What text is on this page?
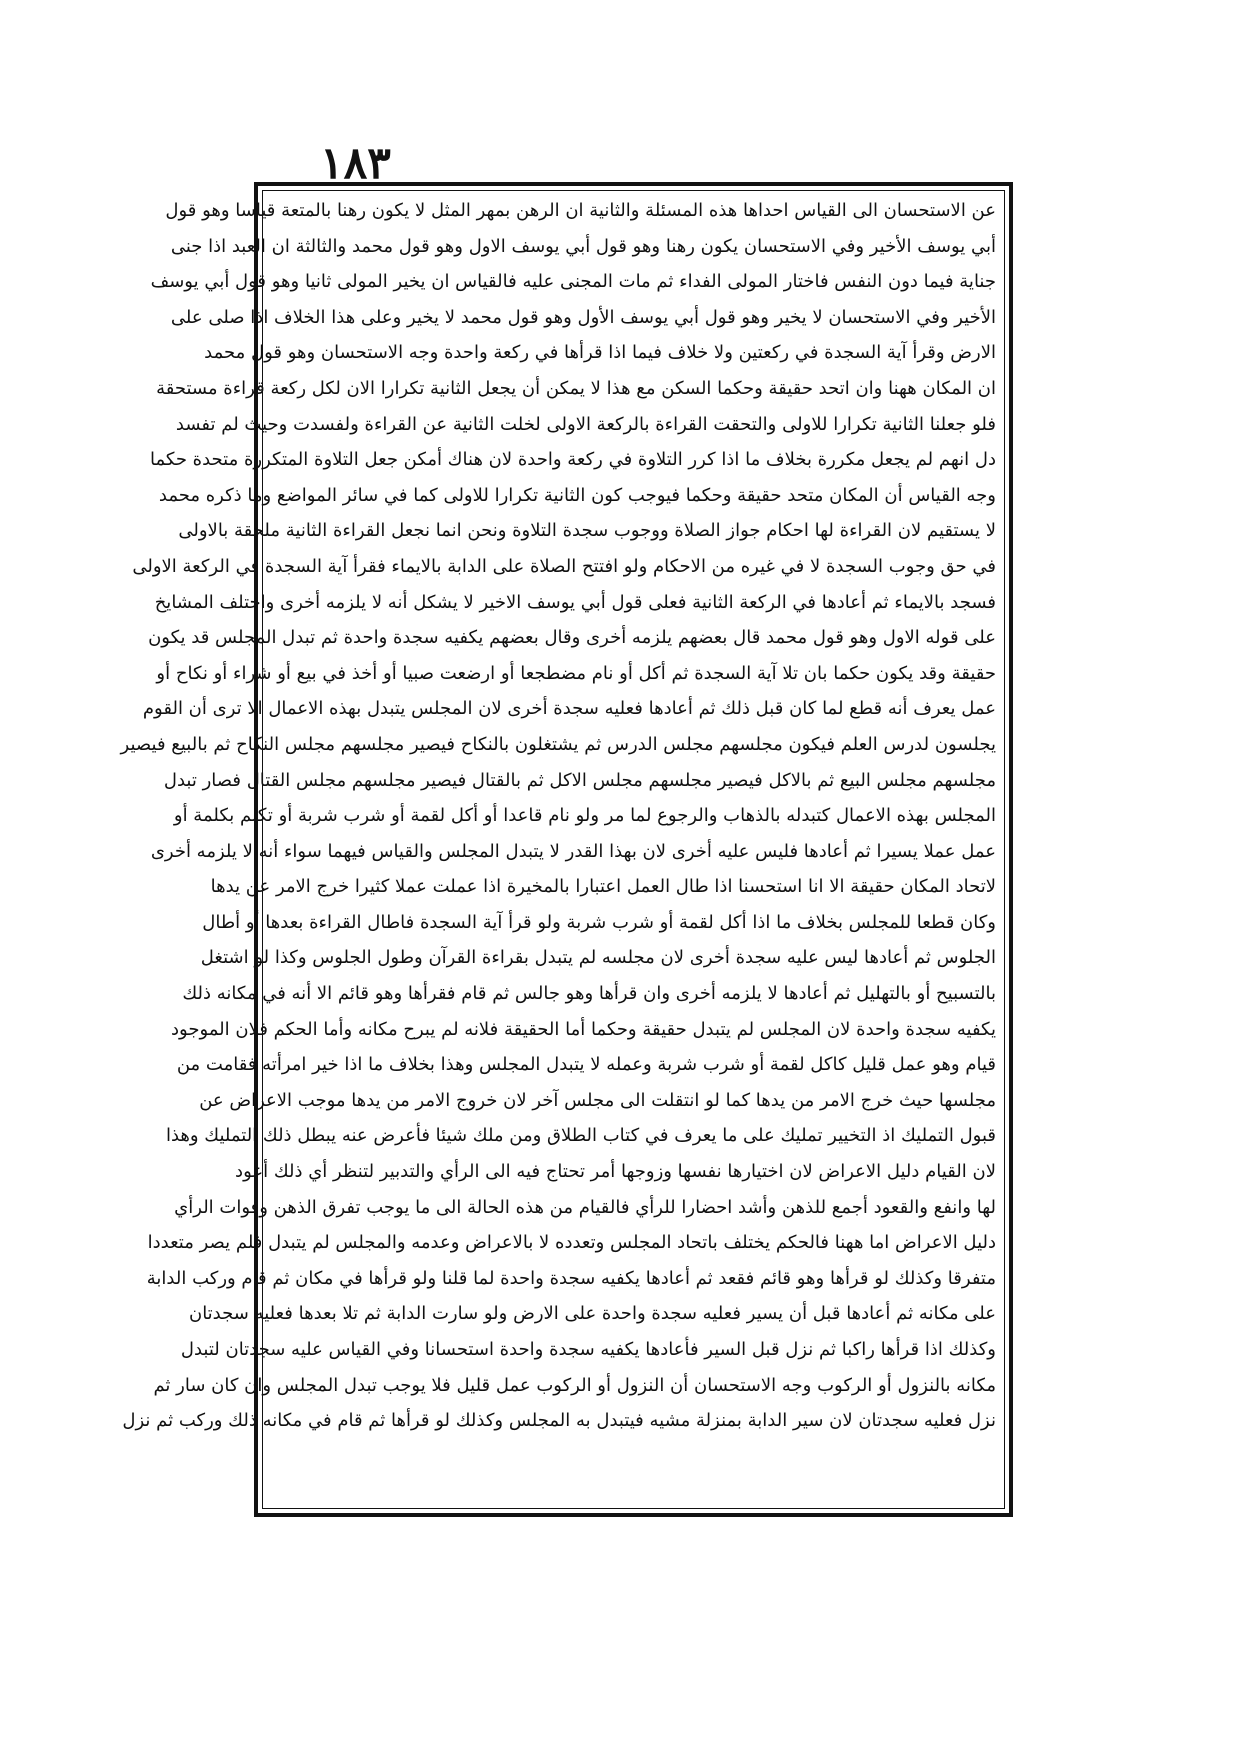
١٨٣
عن الاستحسان الى القياس احداها هذه المسئلة والثانية ان الرهن بمهر المثل لا يكون رهنا بالمتعة قياسا وهو قول
أبي يوسف الأخير وفي الاستحسان يكون رهنا وهو قول أبي يوسف الاول وهو قول محمد والثالثة ان العبد اذا جنى
جناية فيما دون النفس فاختار المولى الفداء ثم مات المجنى عليه فالقياس ان يخير المولى ثانيا وهو قول أبي يوسف
الأخير وفي الاستحسان لا يخير وهو قول أبي يوسف الأول وهو قول محمد لا يخير وعلى هذا الخلاف اذا صلى على
الارض وقرأ آية السجدة في ركعتين ولا خلاف فيما اذا قرأها في ركعة واحدة وجه الاستحسان وهو قول محمد
ان المكان ههنا وان اتحد حقيقة وحكما السكن مع هذا لا يمكن أن يجعل الثانية تكرارا الان لكل ركعة قراءة مستحقة
فلو جعلنا الثانية تكرارا للاولى والتحقت القراءة بالركعة الاولى لخلت الثانية عن القراءة ولفسدت وحيث لم تفسد
دل انهم لم يجعل مكررة بخلاف ما اذا كرر التلاوة في ركعة واحدة لان هناك أمكن جعل التلاوة المتكررة متحدة حكما
وجه القياس أن المكان متحد حقيقة وحكما فيوجب كون الثانية تكرارا للاولى كما في سائر المواضع وما ذكره محمد
لا يستقيم لان القراءة لها احكام جواز الصلاة ووجوب سجدة التلاوة ونحن انما نجعل القراءة الثانية ملحقة بالاولى
في حق وجوب السجدة لا في غيره من الاحكام ولو افتتح الصلاة على الدابة بالايماء فقرأ آية السجدة في الركعة الاولى
فسجد بالايماء ثم أعادها في الركعة الثانية فعلى قول أبي يوسف الاخير لا يشكل أنه لا يلزمه أخرى واختلف المشايخ
على قوله الاول وهو قول محمد قال بعضهم يلزمه أخرى وقال بعضهم يكفيه سجدة واحدة ثم تبدل المجلس قد يكون
حقيقة وقد يكون حكما بان تلا آية السجدة ثم أكل أو نام مضطجعا أو ارضعت صبيا أو أخذ في بيع أو شراء أو نكاح أو
عمل يعرف أنه قطع لما كان قبل ذلك ثم أعادها فعليه سجدة أخرى لان المجلس يتبدل بهذه الاعمال الا ترى أن القوم
يجلسون لدرس العلم فيكون مجلسهم مجلس الدرس ثم يشتغلون بالنكاح فيصير مجلسهم مجلس النكاح ثم بالبيع فيصير
مجلسهم مجلس البيع ثم بالاكل فيصير مجلسهم مجلس الاكل ثم بالقتال فيصير مجلسهم مجلس القتال فصار تبدل
المجلس بهذه الاعمال كتبدله بالذهاب والرجوع لما مر ولو نام قاعدا أو أكل لقمة أو شرب شربة أو تكلم بكلمة أو
عمل عملا يسيرا ثم أعادها فليس عليه أخرى لان بهذا القدر لا يتبدل المجلس والقياس فيهما سواء أنه لا يلزمه أخرى
لاتحاد المكان حقيقة الا انا استحسنا اذا طال العمل اعتبارا بالمخيرة اذا عملت عملا كثيرا خرج الامر عن يدها
وكان قطعا للمجلس بخلاف ما اذا أكل لقمة أو شرب شربة ولو قرأ آية السجدة فاطال القراءة بعدها أو أطال
الجلوس ثم أعادها ليس عليه سجدة أخرى لان مجلسه لم يتبدل بقراءة القرآن وطول الجلوس وكذا لو اشتغل
بالتسبيح أو بالتهليل ثم أعادها لا يلزمه أخرى وان قرأها وهو جالس ثم قام فقرأها وهو قائم الا أنه في مكانه ذلك
يكفيه سجدة واحدة لان المجلس لم يتبدل حقيقة وحكما أما الحقيقة فلانه لم يبرح مكانه وأما الحكم فلان الموجود
قيام وهو عمل قليل كاكل لقمة أو شرب شربة وعمله لا يتبدل المجلس وهذا بخلاف ما اذا خير امرأته فقامت من
مجلسها حيث خرج الامر من يدها كما لو انتقلت الى مجلس آخر لان خروج الامر من يدها موجب الاعراض عن
قبول التمليك اذ التخيير تمليك على ما يعرف في كتاب الطلاق ومن ملك شيئا فأعرض عنه يبطل ذلك التمليك وهذا
لان القيام دليل الاعراض لان اختيارها نفسها وزوجها أمر تحتاج فيه الى الرأي والتدبير لتنظر أي ذلك أعود
لها وانفع والقعود أجمع للذهن وأشد احضارا للرأي فالقيام من هذه الحالة الى ما يوجب تفرق الذهن وفوات الرأي
دليل الاعراض اما ههنا فالحكم يختلف باتحاد المجلس وتعدده لا بالاعراض وعدمه والمجلس لم يتبدل فلم يصر متعددا
متفرقا وكذلك لو قرأها وهو قائم فقعد ثم أعادها يكفيه سجدة واحدة لما قلنا ولو قرأها في مكان ثم قام وركب الدابة
على مكانه ثم أعادها قبل أن يسير فعليه سجدة واحدة على الارض ولو سارت الدابة ثم تلا بعدها فعليه سجدتان
وكذلك اذا قرأها راكبا ثم نزل قبل السير فأعادها يكفيه سجدة واحدة استحسانا وفي القياس عليه سجدتان لتبدل
مكانه بالنزول أو الركوب وجه الاستحسان أن النزول أو الركوب عمل قليل فلا يوجب تبدل المجلس وان كان سار ثم
نزل فعليه سجدتان لان سير الدابة بمنزلة مشيه فيتبدل به المجلس وكذلك لو قرأها ثم قام في مكانه ذلك وركب ثم نزل
